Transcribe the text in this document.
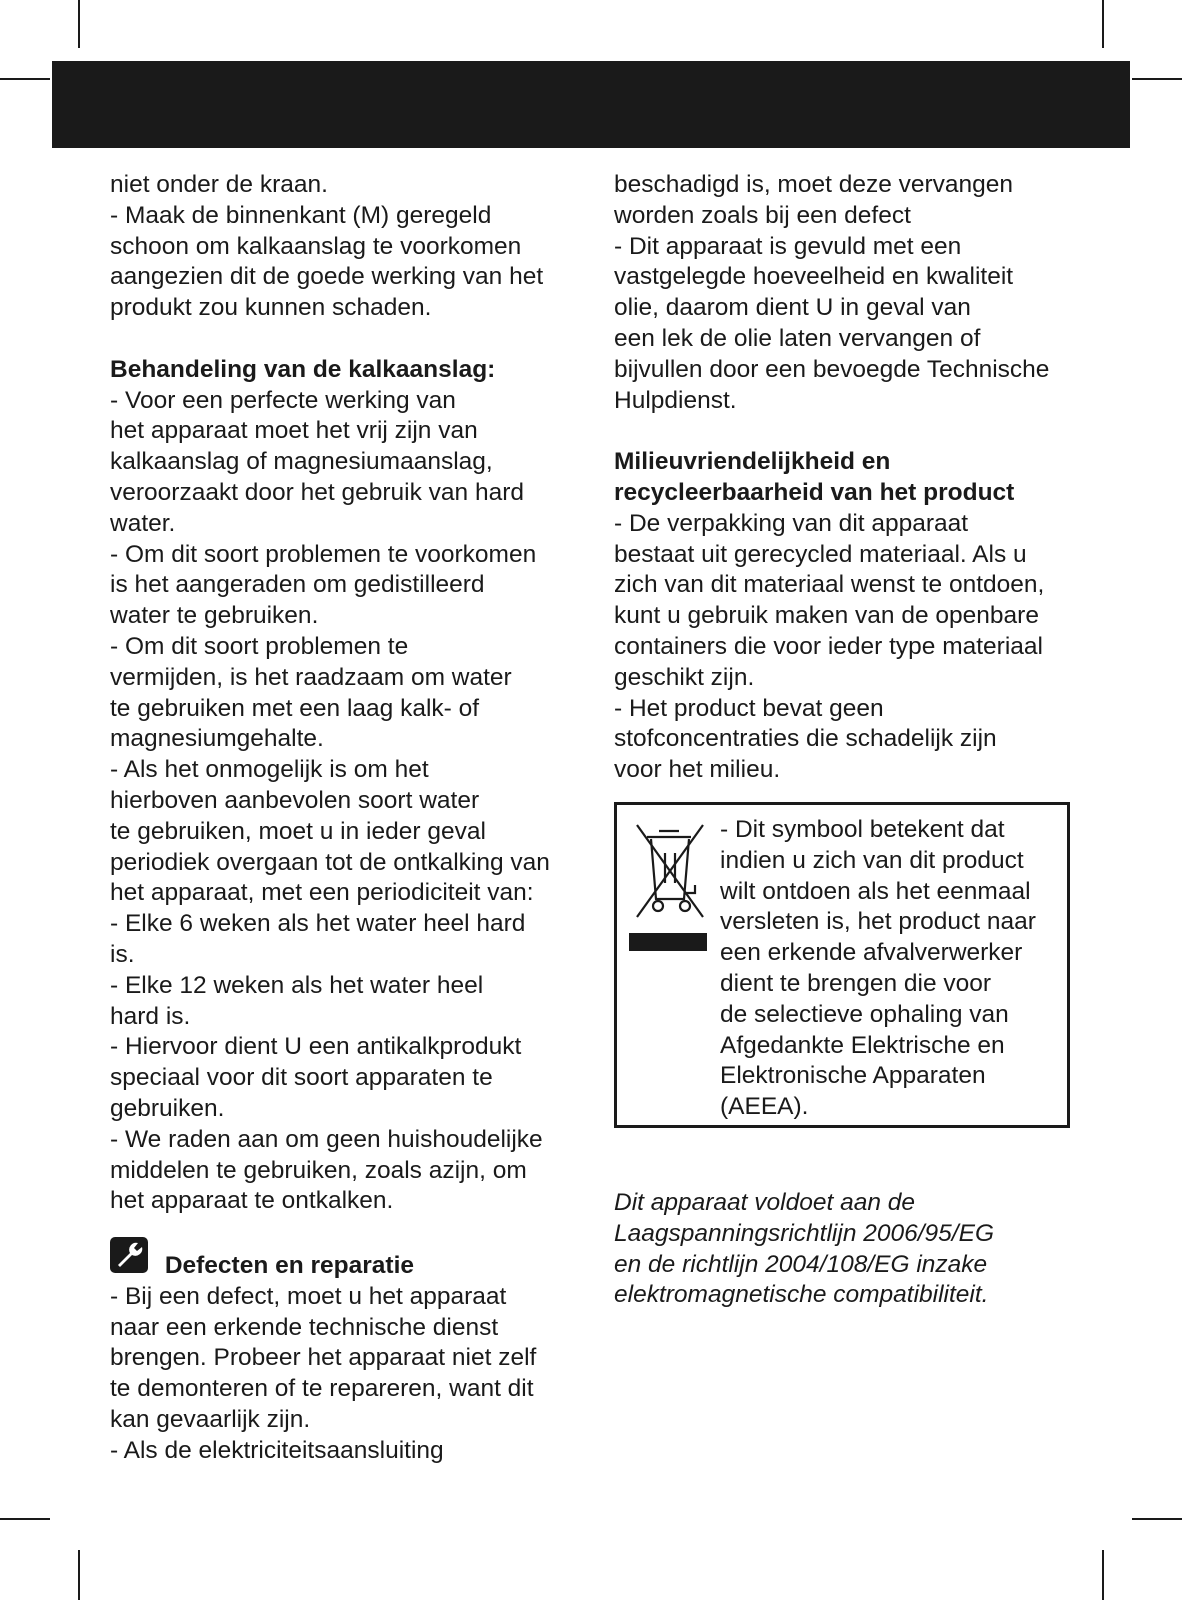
niet onder de kraan.
- Maak de binnenkant (M) geregeld
schoon om kalkaanslag te voorkomen
aangezien dit de goede werking van het
produkt zou kunnen schaden.
Behandeling van de kalkaanslag:
- Voor een perfecte werking van
het apparaat moet het vrij zijn van
kalkaanslag of magnesiumaanslag,
veroorzaakt door het gebruik van hard
water.
- Om dit soort problemen te voorkomen
is het aangeraden om gedistilleerd
water te gebruiken.
- Om dit soort problemen te
vermijden, is het raadzaam om water
te gebruiken met een laag kalk- of
magnesiumgehalte.
- Als het onmogelijk is om het
hierboven aanbevolen soort water
te gebruiken, moet u in ieder geval
periodiek overgaan tot de ontkalking van
het apparaat, met een periodiciteit van:
- Elke 6 weken als het water heel hard
is.
- Elke 12 weken als het water heel
hard is.
- Hiervoor dient U een antikalkprodukt
speciaal voor dit soort apparaten te
gebruiken.
- We raden aan om geen huishoudelijke
middelen te gebruiken, zoals azijn, om
het apparaat te ontkalken.
Defecten en reparatie
- Bij een defect, moet u het apparaat
naar een erkende technische dienst
brengen. Probeer het apparaat niet zelf
te demonteren of te repareren, want dit
kan gevaarlijk zijn.
- Als de elektriciteitsaansluiting
beschadigd is, moet deze vervangen
worden zoals bij een defect
- Dit apparaat is gevuld met een
vastgelegde hoeveelheid en kwaliteit
olie, daarom dient U in geval van
een lek de olie laten vervangen of
bijvullen door een bevoegde Technische
Hulpdienst.
Milieuvriendelijkheid en
recycleerbaarheid van het product
- De verpakking van dit apparaat
bestaat uit gerecycled materiaal. Als u
zich van dit materiaal wenst te ontdoen,
kunt u gebruik maken van de openbare
containers die voor ieder type materiaal
geschikt zijn.
- Het product bevat geen
stofconcentraties die schadelijk zijn
voor het milieu.
- Dit symbool betekent dat
indien u zich van dit product
wilt ontdoen als het eenmaal
versleten is, het product naar
een erkende afvalverwerker
dient te brengen die voor
de selectieve ophaling van
Afgedankte Elektrische en
Elektronische Apparaten
(AEEA).
Dit apparaat voldoet aan de
Laagspanningsrichtlijn 2006/95/EG
en de richtlijn 2004/108/EG inzake
elektromagnetische compatibiliteit.
